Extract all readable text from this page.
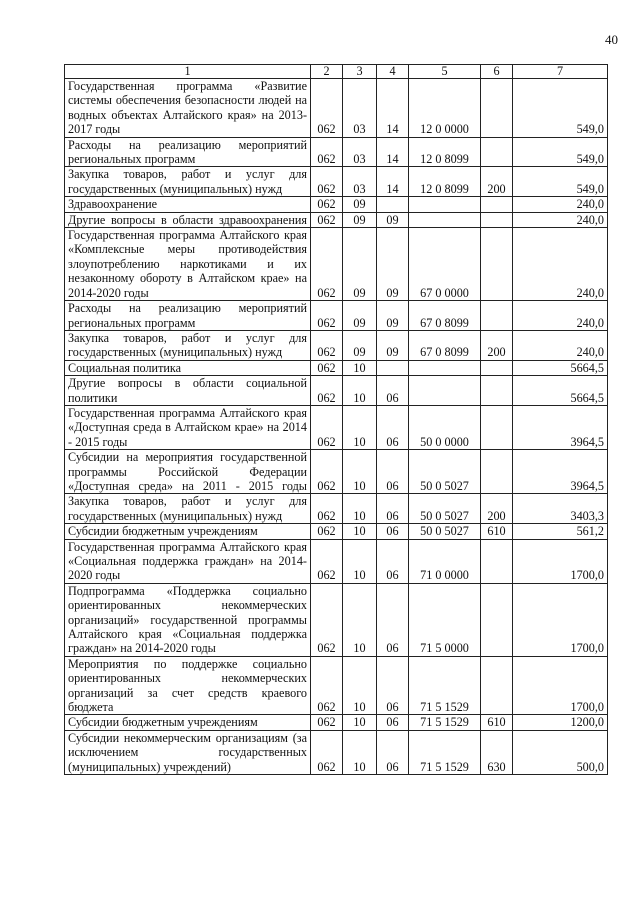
40
1	2	3	4	5	6	7
Государственная программа «Развитие системы обеспечения безопасности людей на водных объектах Алтайского края» на 2013-2017 годы	062	03	14	12 0 0000		549,0
Расходы на реализацию мероприятий региональных программ	062	03	14	12 0 8099		549,0
Закупка товаров, работ и услуг для государственных (муниципальных) нужд	062	03	14	12 0 8099	200	549,0
Здравоохранение	062	09				240,0
Другие вопросы в области здравоохранения	062	09	09			240,0
Государственная программа Алтайского края «Комплексные меры противодействия злоупотреблению наркотиками и их незаконному обороту в Алтайском крае» на 2014-2020 годы	062	09	09	67 0 0000		240,0
Расходы на реализацию мероприятий региональных программ	062	09	09	67 0 8099		240,0
Закупка товаров, работ и услуг для государственных (муниципальных) нужд	062	09	09	67 0 8099	200	240,0
Социальная политика	062	10				5664,5
Другие вопросы в области социальной политики	062	10	06			5664,5
Государственная программа Алтайского края «Доступная среда в Алтайском крае» на 2014 - 2015 годы	062	10	06	50 0 0000		3964,5
Субсидии на мероприятия государственной программы Российской Федерации «Доступная среда» на 2011 - 2015 годы	062	10	06	50 0 5027		3964,5
Закупка товаров, работ и услуг для государственных (муниципальных) нужд	062	10	06	50 0 5027	200	3403,3
Субсидии бюджетным учреждениям	062	10	06	50 0 5027	610	561,2
Государственная программа Алтайского края «Социальная поддержка граждан» на 2014-2020 годы	062	10	06	71 0 0000		1700,0
Подпрограмма «Поддержка социально ориентированных некоммерческих организаций» государственной программы Алтайского края «Социальная поддержка граждан» на 2014-2020 годы	062	10	06	71 5 0000		1700,0
Мероприятия по поддержке социально ориентированных некоммерческих организаций за счет средств краевого бюджета	062	10	06	71 5 1529		1700,0
Субсидии бюджетным учреждениям	062	10	06	71 5 1529	610	1200,0
Субсидии некоммерческим организациям (за исключением государственных (муниципальных) учреждений)	062	10	06	71 5 1529	630	500,0
